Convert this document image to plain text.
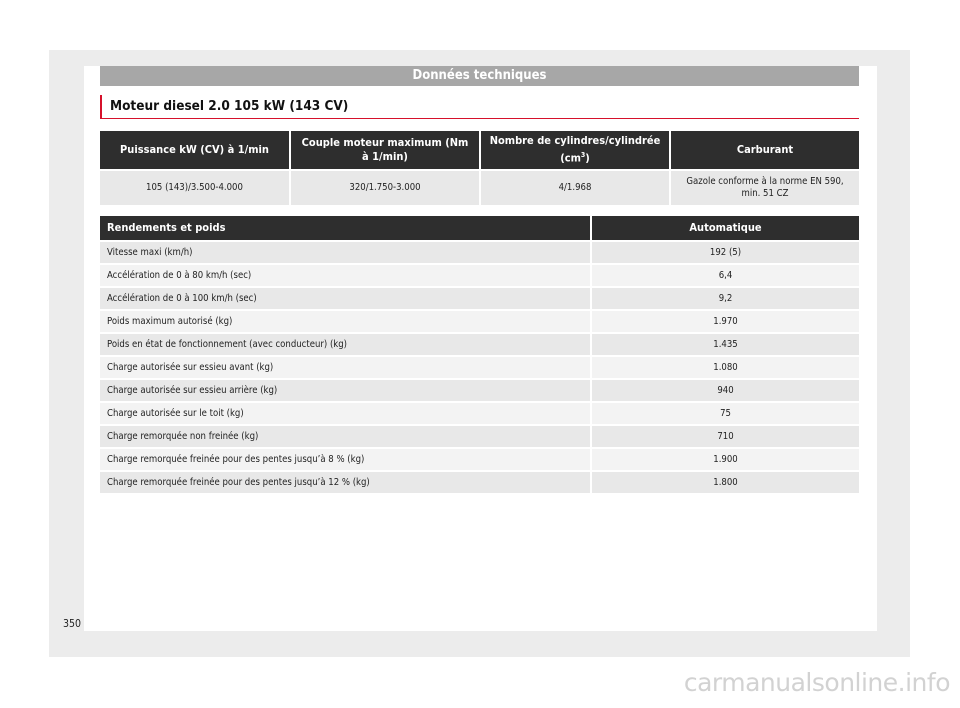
Données techniques
Moteur diesel 2.0 105 kW (143 CV)
Puissance kW (CV) à 1/min	Couple moteur maximum (Nm à 1/min)	Nombre de cylindres/cylindrée $(cm^3)$	Carburant
105 (143)/3.500-4.000	320/1.750-3.000	4/1.968	Gazole conforme à la norme EN 590, min. 51 CZ
Rendements et poids	Automatique
Vitesse maxi (km/h)	192 (5)
Accélération de 0 à 80 km/h (sec)	6,4
Accélération de 0 à 100 km/h (sec)	9,2
Poids maximum autorisé (kg)	1.970
Poids en état de fonctionnement (avec conducteur) (kg)	1.435
Charge autorisée sur essieu avant (kg)	1.080
Charge autorisée sur essieu arrière (kg)	940
Charge autorisée sur le toit (kg)	75
Charge remorquée non freinée (kg)	710
Charge remorquée freinée pour des pentes jusqu’à 8 % (kg)	1.900
Charge remorquée freinée pour des pentes jusqu’à 12 % (kg)	1.800
350
carmanualsonline.info
